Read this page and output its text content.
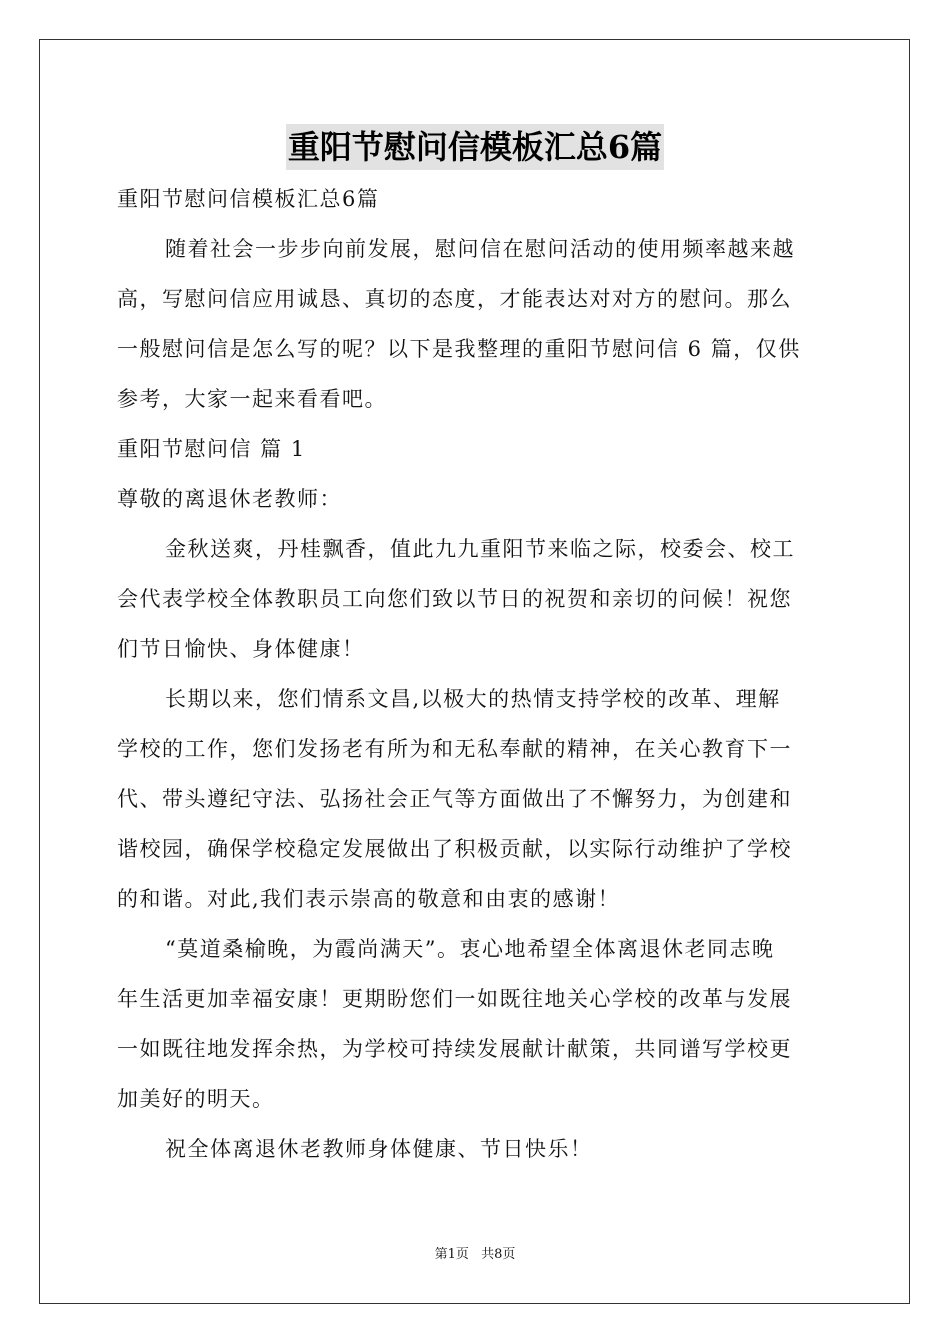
重阳节慰问信模板汇总6篇
重阳节慰问信模板汇总6篇
随着社会一步步向前发展，慰问信在慰问活动的使用频率越来越
高，写慰问信应用诚恳、真切的态度，才能表达对对方的慰问。那么
一般慰问信是怎么写的呢？以下是我整理的重阳节慰问信 6 篇，仅供
参考，大家一起来看看吧。
重阳节慰问信 篇 1
尊敬的离退休老教师：
金秋送爽，丹桂飘香，值此九九重阳节来临之际，校委会、校工
会代表学校全体教职员工向您们致以节日的祝贺和亲切的问候！祝您
们节日愉快、身体健康！
长期以来，您们情系文昌,以极大的热情支持学校的改革、理解
学校的工作，您们发扬老有所为和无私奉献的精神，在关心教育下一
代、带头遵纪守法、弘扬社会正气等方面做出了不懈努力，为创建和
谐校园，确保学校稳定发展做出了积极贡献，以实际行动维护了学校
的和谐。对此,我们表示崇高的敬意和由衷的感谢！
“莫道桑榆晚，为霞尚满天”。衷心地希望全体离退休老同志晚
年生活更加幸福安康！更期盼您们一如既往地关心学校的改革与发展
一如既往地发挥余热，为学校可持续发展献计献策，共同谱写学校更
加美好的明天。
祝全体离退休老教师身体健康、节日快乐！
第1页 共8页
